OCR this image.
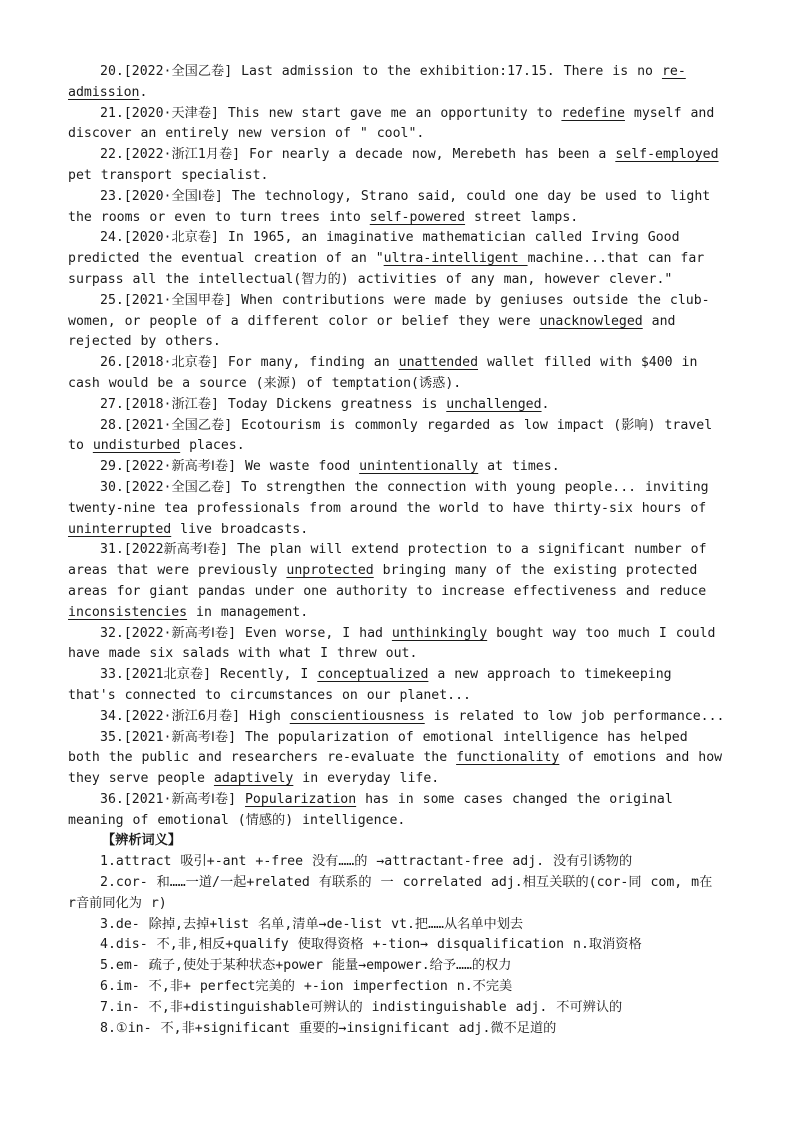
20.[2022·全国乙卷] Last admission to the exhibition:17.15. There is no re-admission.

21.[2020·天津卷] This new start gave me an opportunity to redefine myself and discover an entirely new version of " cool".

22.[2022·浙江1月卷] For nearly a decade now, Merebeth has been a self-employed pet transport specialist.

23.[2020·全国Ⅰ卷] The technology, Strano said, could one day be used to light the rooms or even to turn trees into self-powered street lamps.

24.[2020·北京卷] In 1965, an imaginative mathematician called Irving Good predicted the eventual creation of an "ultra-intelligent machine...that can far surpass all the intellectual(智力的) activities of any man, however clever."

25.[2021·全国甲卷] When contributions were made by geniuses outside the club-women, or people of a different color or belief they were unacknowleged and rejected by others.

26.[2018·北京卷] For many, finding an unattended wallet filled with $400 in cash would be a source (来源) of temptation(诱惑).

27.[2018·浙江卷] Today Dickens greatness is unchallenged.

28.[2021·全国乙卷] Ecotourism is commonly regarded as low impact (影响) travel to undisturbed places.

29.[2022·新高考Ⅰ卷] We waste food unintentionally at times.

30.[2022·全国乙卷] To strengthen the connection with young people... inviting twenty-nine tea professionals from around the world to have thirty-six hours of uninterrupted live broadcasts.

31.[2022新高考Ⅰ卷] The plan will extend protection to a significant number of areas that were previously unprotected bringing many of the existing protected areas for giant pandas under one authority to increase effectiveness and reduce inconsistencies in management.

32.[2022·新高考Ⅰ卷] Even worse, I had unthinkingly bought way too much I could have made six salads with what I threw out.

33.[2021北京卷] Recently, I conceptualized a new approach to timekeeping that's connected to circumstances on our planet...

34.[2022·浙江6月卷] High conscientiousness is related to low job performance...

35.[2021·新高考Ⅰ卷] The popularization of emotional intelligence has helped both the public and researchers re-evaluate the functionality of emotions and how they serve people adaptively in everyday life.

36.[2021·新高考Ⅰ卷] Popularization has in some cases changed the original meaning of emotional (情感的) intelligence.

【辨析词义】

1.attract 吸引+-ant +-free 没有……的 →attractant-free adj. 没有引诱物的

2.cor- 和……一道/一起+related 有联系的 一 correlated adj.相互关联的(cor-同 com, m在 r音前同化为 r)

3.de- 除掉,去掉+list 名单,清单→de-list vt.把……从名单中划去

4.dis- 不,非,相反+qualify 使取得资格 +-tion→ disqualification n.取消资格

5.em- 疏子,使处于某种状态+power 能量→empower.给予……的权力

6.im- 不,非+ perfect完美的 +-ion imperfection n.不完美

7.in- 不,非+distinguishable可辨认的 indistinguishable adj. 不可辨认的

8.①in- 不,非+significant 重要的→insignificant adj.微不足道的
